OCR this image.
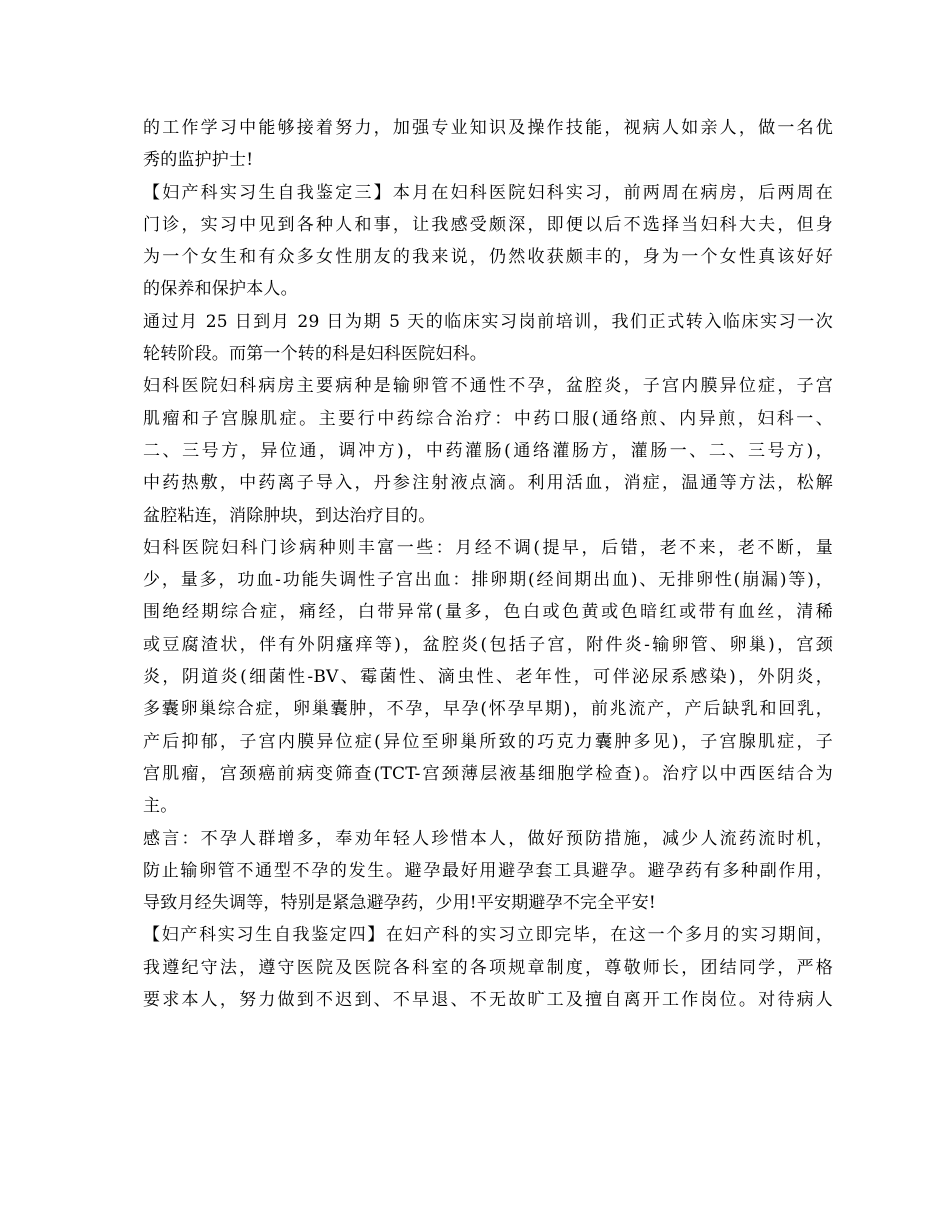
的工作学习中能够接着努力，加强专业知识及操作技能，视病人如亲人，做一名优
秀的监护护士!
【妇产科实习生自我鉴定三】本月在妇科医院妇科实习，前两周在病房，后两周在
门诊，实习中见到各种人和事，让我感受颇深，即便以后不选择当妇科大夫，但身
为一个女生和有众多女性朋友的我来说，仍然收获颇丰的，身为一个女性真该好好
的保养和保护本人。
通过月 25 日到月 29 日为期 5 天的临床实习岗前培训，我们正式转入临床实习一次
轮转阶段。而第一个转的科是妇科医院妇科。
妇科医院妇科病房主要病种是输卵管不通性不孕，盆腔炎，子宫内膜异位症，子宫
肌瘤和子宫腺肌症。主要行中药综合治疗：中药口服(通络煎、内异煎，妇科一、
二、三号方，异位通，调冲方)，中药灌肠(通络灌肠方，灌肠一、二、三号方)，
中药热敷，中药离子导入，丹参注射液点滴。利用活血，消症，温通等方法，松解
盆腔粘连，消除肿块，到达治疗目的。
妇科医院妇科门诊病种则丰富一些：月经不调(提早，后错，老不来，老不断，量
少，量多，功血-功能失调性子宫出血：排卵期(经间期出血)、无排卵性(崩漏)等)，
围绝经期综合症，痛经，白带异常(量多，色白或色黄或色暗红或带有血丝，清稀
或豆腐渣状，伴有外阴瘙痒等)，盆腔炎(包括子宫，附件炎-输卵管、卵巢)，宫颈
炎，阴道炎(细菌性-BV、霉菌性、滴虫性、老年性，可伴泌尿系感染)，外阴炎，
多囊卵巢综合症，卵巢囊肿，不孕，早孕(怀孕早期)，前兆流产，产后缺乳和回乳，
产后抑郁，子宫内膜异位症(异位至卵巢所致的巧克力囊肿多见)，子宫腺肌症，子
宫肌瘤，宫颈癌前病变筛查(TCT-宫颈薄层液基细胞学检查)。治疗以中西医结合为
主。
感言：不孕人群增多，奉劝年轻人珍惜本人，做好预防措施，减少人流药流时机，
防止输卵管不通型不孕的发生。避孕最好用避孕套工具避孕。避孕药有多种副作用，
导致月经失调等，特别是紧急避孕药，少用!平安期避孕不完全平安!
【妇产科实习生自我鉴定四】在妇产科的实习立即完毕，在这一个多月的实习期间，
我遵纪守法，遵守医院及医院各科室的各项规章制度，尊敬师长，团结同学，严格
要求本人，努力做到不迟到、不早退、不无故旷工及擅自离开工作岗位。对待病人
